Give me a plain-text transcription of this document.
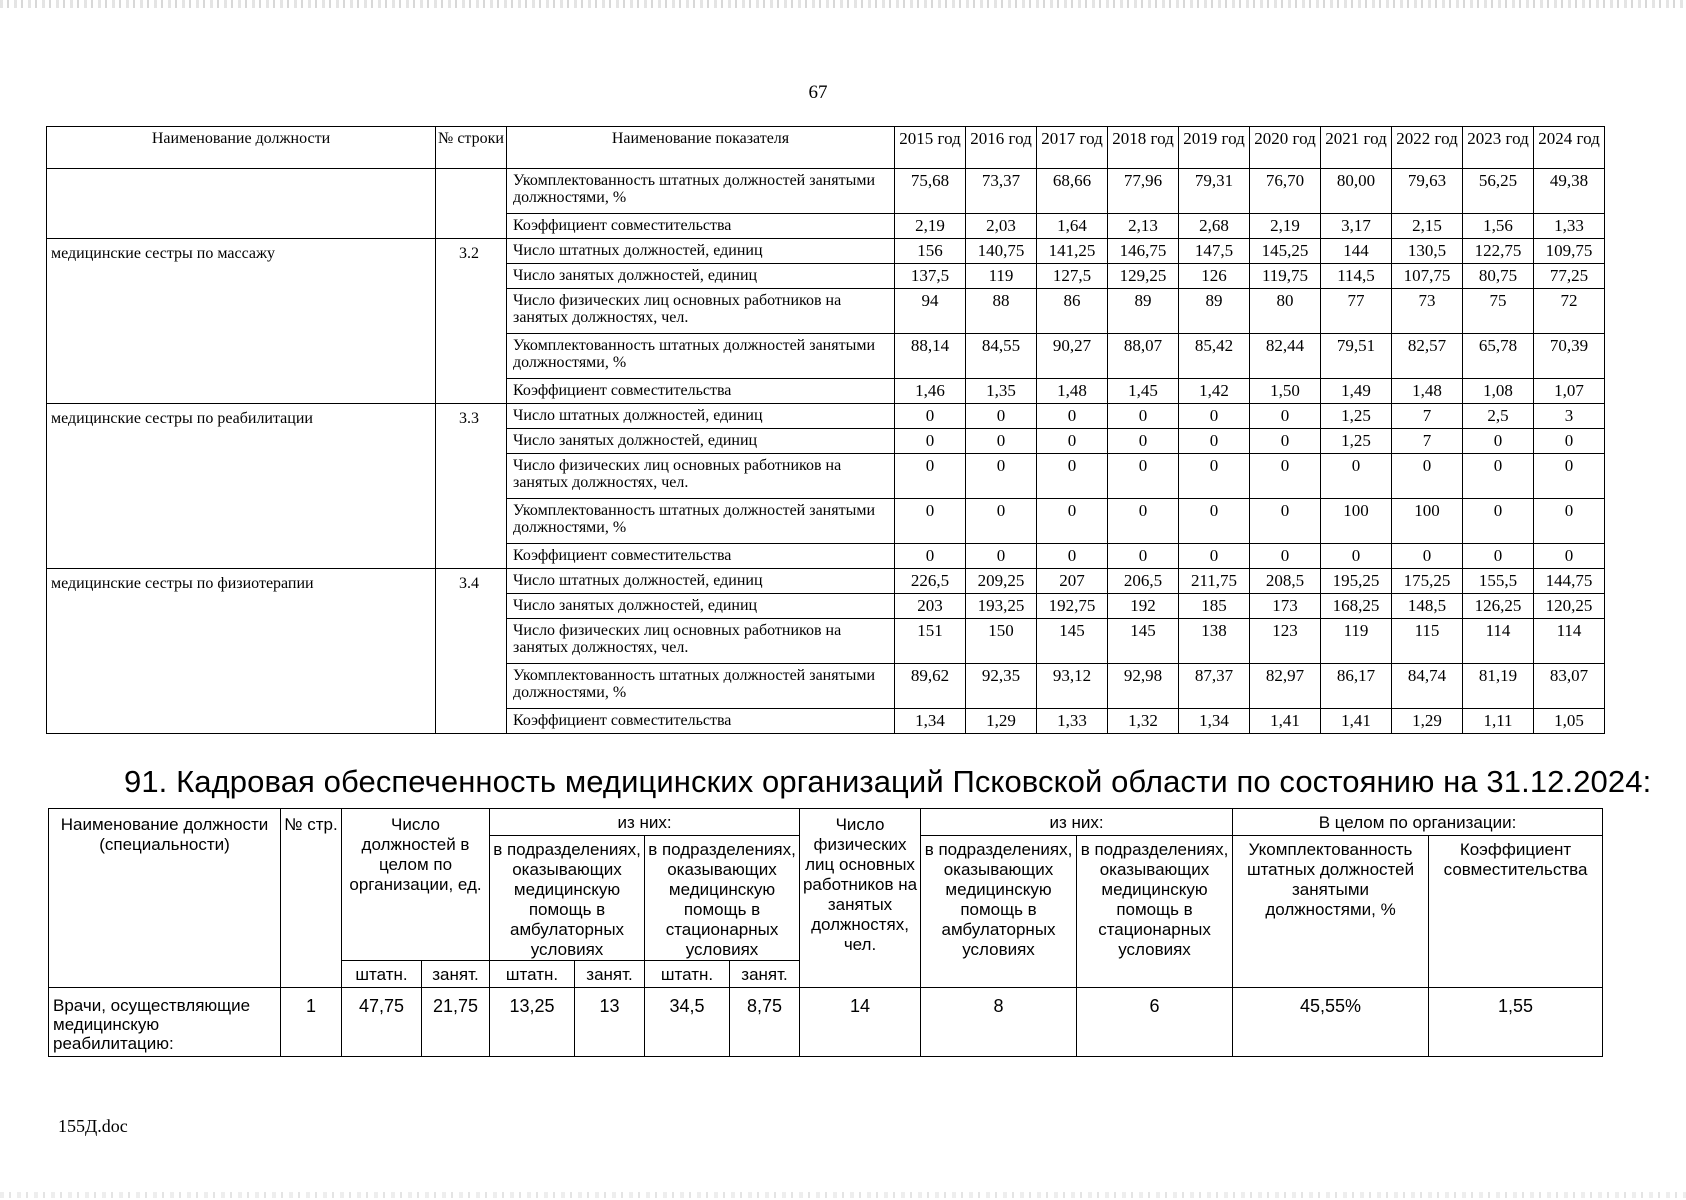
67
Наименование должности	№ строки	Наименование показателя	2015 год	2016 год	2017 год	2018 год	2019 год	2020 год	2021 год	2022 год	2023 год	2024 год
		Укомплектованность штатных должностей занятыми должностями, %	75,68	73,37	68,66	77,96	79,31	76,70	80,00	79,63	56,25	49,38
		Коэффициент совместительства	2,19	2,03	1,64	2,13	2,68	2,19	3,17	2,15	1,56	1,33
медицинские сестры по массажу	3.2	Число штатных должностей, единиц	156	140,75	141,25	146,75	147,5	145,25	144	130,5	122,75	109,75
		Число занятых должностей, единиц	137,5	119	127,5	129,25	126	119,75	114,5	107,75	80,75	77,25
		Число физических лиц основных работников на занятых должностях, чел.	94	88	86	89	89	80	77	73	75	72
		Укомплектованность штатных должностей занятыми должностями, %	88,14	84,55	90,27	88,07	85,42	82,44	79,51	82,57	65,78	70,39
		Коэффициент совместительства	1,46	1,35	1,48	1,45	1,42	1,50	1,49	1,48	1,08	1,07
медицинские сестры по реабилитации	3.3	Число штатных должностей, единиц	0	0	0	0	0	0	1,25	7	2,5	3
		Число занятых должностей, единиц	0	0	0	0	0	0	1,25	7	0	0
		Число физических лиц основных работников на занятых должностях, чел.	0	0	0	0	0	0	0	0	0	0
		Укомплектованность штатных должностей занятыми должностями, %	0	0	0	0	0	0	100	100	0	0
		Коэффициент совместительства	0	0	0	0	0	0	0	0	0	0
медицинские сестры по физиотерапии	3.4	Число штатных должностей, единиц	226,5	209,25	207	206,5	211,75	208,5	195,25	175,25	155,5	144,75
		Число занятых должностей, единиц	203	193,25	192,75	192	185	173	168,25	148,5	126,25	120,25
		Число физических лиц основных работников на занятых должностях, чел.	151	150	145	145	138	123	119	115	114	114
		Укомплектованность штатных должностей занятыми должностями, %	89,62	92,35	93,12	92,98	87,37	82,97	86,17	84,74	81,19	83,07
		Коэффициент совместительства	1,34	1,29	1,33	1,32	1,34	1,41	1,41	1,29	1,11	1,05
91. Кадровая обеспеченность медицинских организаций Псковской области по состоянию на 31.12.2024:
Наименование должности (специальности)	№ стр.	Число должностей в целом по организации, ед.		из них:				Число физических лиц основных работников на занятых должностях, чел.	из них:		В целом по организации:	
				в подразделениях, оказывающих медицинскую помощь в амбулаторных условиях		в подразделениях, оказывающих медицинскую помощь в стационарных условиях			в подразделениях, оказывающих медицинскую помощь в амбулаторных условиях	в подразделениях, оказывающих медицинскую помощь в стационарных условиях	Укомплектованность штатных должностей занятыми должностями, %	Коэффициент совместительства
		штатн.	занят.	штатн.	занят.	штатн.	занят.					
Врачи, осуществляющие медицинскую реабилитацию:	1	47,75	21,75	13,25	13	34,5	8,75	14	8	6	45,55%	1,55
155Д.doc
